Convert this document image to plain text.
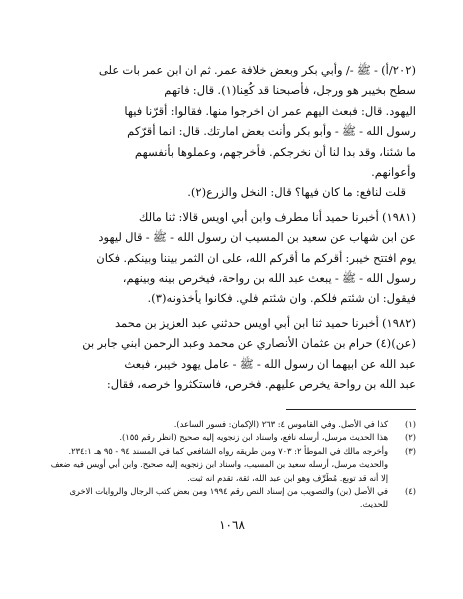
(٢٠٢/أ) - ﷺ -/ وأبي بكر وبعض خلافة عمر. ثم ان ابن عمر بات على
سطح بخيبر هو ورجل، فأصبحنا قد كُعِنا(١). قال: فاتهم
اليهود. قال: فبعث اليهم عمر ان اخرجوا منها. فقالوا: أقرّنا فيها
رسول الله - ﷺ - وأبو بكر وأنت بعض امارتك. قال: انما أقرّكم
ما شئنا، وقد بدا لنا أن نخرجكم. فأخرجهم، وعملوها بأنفسهم
وأعوانهم.
قلت لنافع: ما كان فيها؟ قال: النخل والزرع(٢).
(١٩٨١) أخبرنا حميد أنا مطرف وابن أبي اويس قالا: ثنا مالك
عن ابن شهاب عن سعيد بن المسيب ان رسول الله - ﷺ - قال ليهود
يوم افتتح خيبر: أقركم ما أقركم الله، على ان الثمر بيننا وبينكم. فكان
رسول الله - ﷺ - يبعث عبد الله بن رواحة، فيخرص بينه وبينهم،
فيقول: ان شئتم فلكم. وان شئتم فلي. فكانوا يأخذونه(٣).
(١٩٨٢) أخبرنا حميد ثنا ابن أبي اويس حدثني عبد العزيز بن محمد
(عن)(٤) حرام بن عثمان الأنصاري عن محمد وعبد الرحمن ابني جابر بن
عبد الله عن ابيهما ان رسول الله - ﷺ - عامل يهود خيبر، فبعث
عبد الله بن رواحة يخرص عليهم. فخرص، فاستكثروا خرصه، فقال:
(١)
كذا في الأصل. وفي القاموس ٤: ٢٦٣ (الإكمان: فسور الساعد).
(٢)
هذا الحديث مرسل، أرسله نافع، واسناد ابن زنجويه إليه صحيح (انظر رقم ١٥٥).
(٣)
وأخرجه مالك في الموطأ ٢: ٧٠٣ ومن طريقه رواه الشافعي كما في المسند ٩٤ - ٩٥ هـ ٢٣٤:١.
والحديث مرسل، أرسله سعيد بن المسيب، واسناد ابن زنجويه إليه صحيح. وابن أبي أويس فيه ضعف إلا أنه قد توبع. مُطَرِّف وهو ابن عبد الله، ثقة، تقدم انه ثبت.
(٤)
في الأصل (بن) والتصويب من إسناد النص رقم ١٩٩٤ ومن بعض كتب الرجال والروايات الاخرى للحديث.
١٠٦٨
